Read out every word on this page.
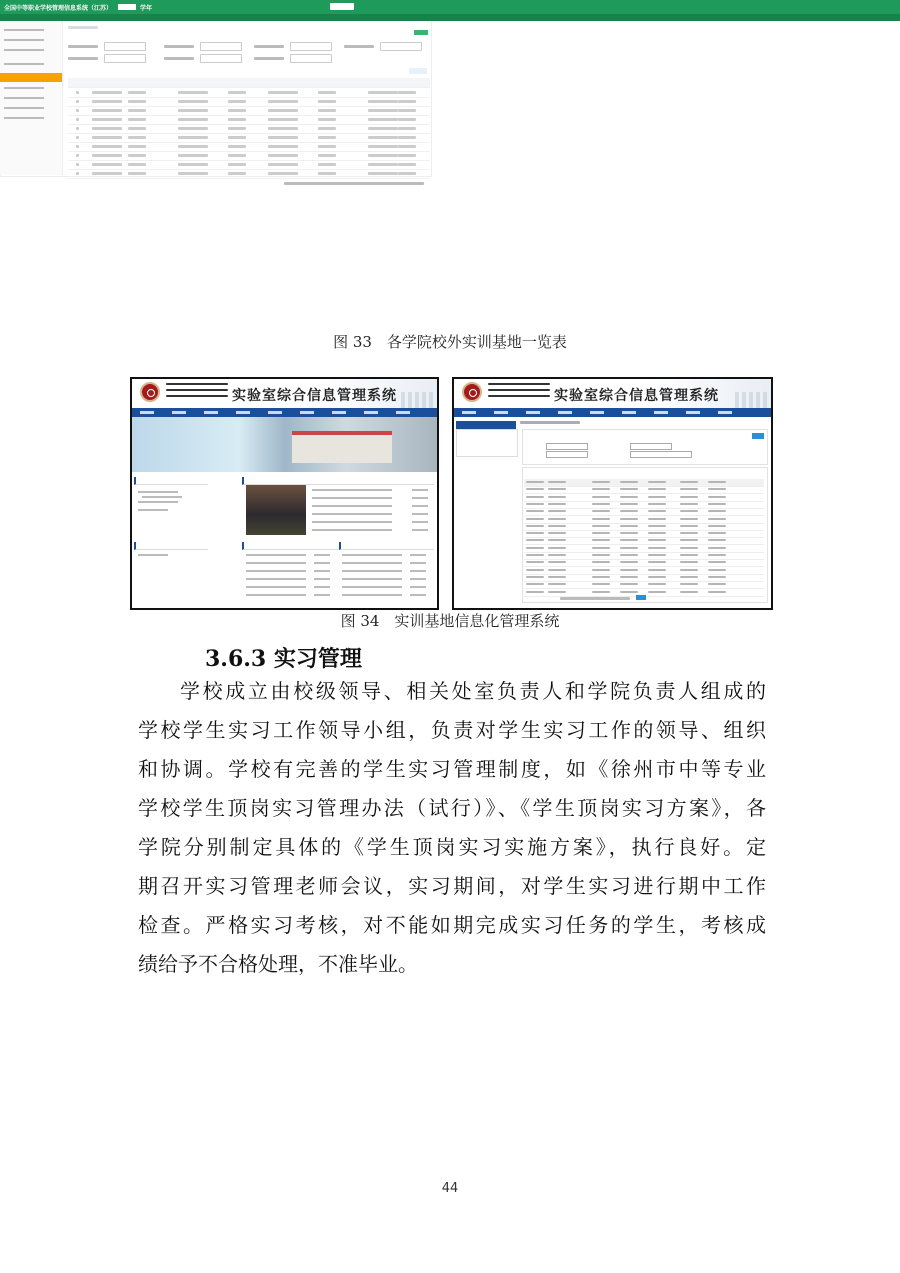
全国中等职业学校管理信息系统（江苏）	学年
图 33　各学院校外实训基地一览表
实验室综合信息管理系统	实验室综合信息管理系统
图 34　实训基地信息化管理系统
3.6.3 实习管理
学校成立由校级领导、相关处室负责人和学院负责人组成的
学校学生实习工作领导小组，负责对学生实习工作的领导、组织
和协调。学校有完善的学生实习管理制度，如《徐州市中等专业
学校学生顶岗实习管理办法（试行）》、《学生顶岗实习方案》，各
学院分别制定具体的《学生顶岗实习实施方案》，执行良好。定
期召开实习管理老师会议，实习期间，对学生实习进行期中工作
检查。严格实习考核，对不能如期完成实习任务的学生，考核成
绩给予不合格处理，不准毕业。
44
